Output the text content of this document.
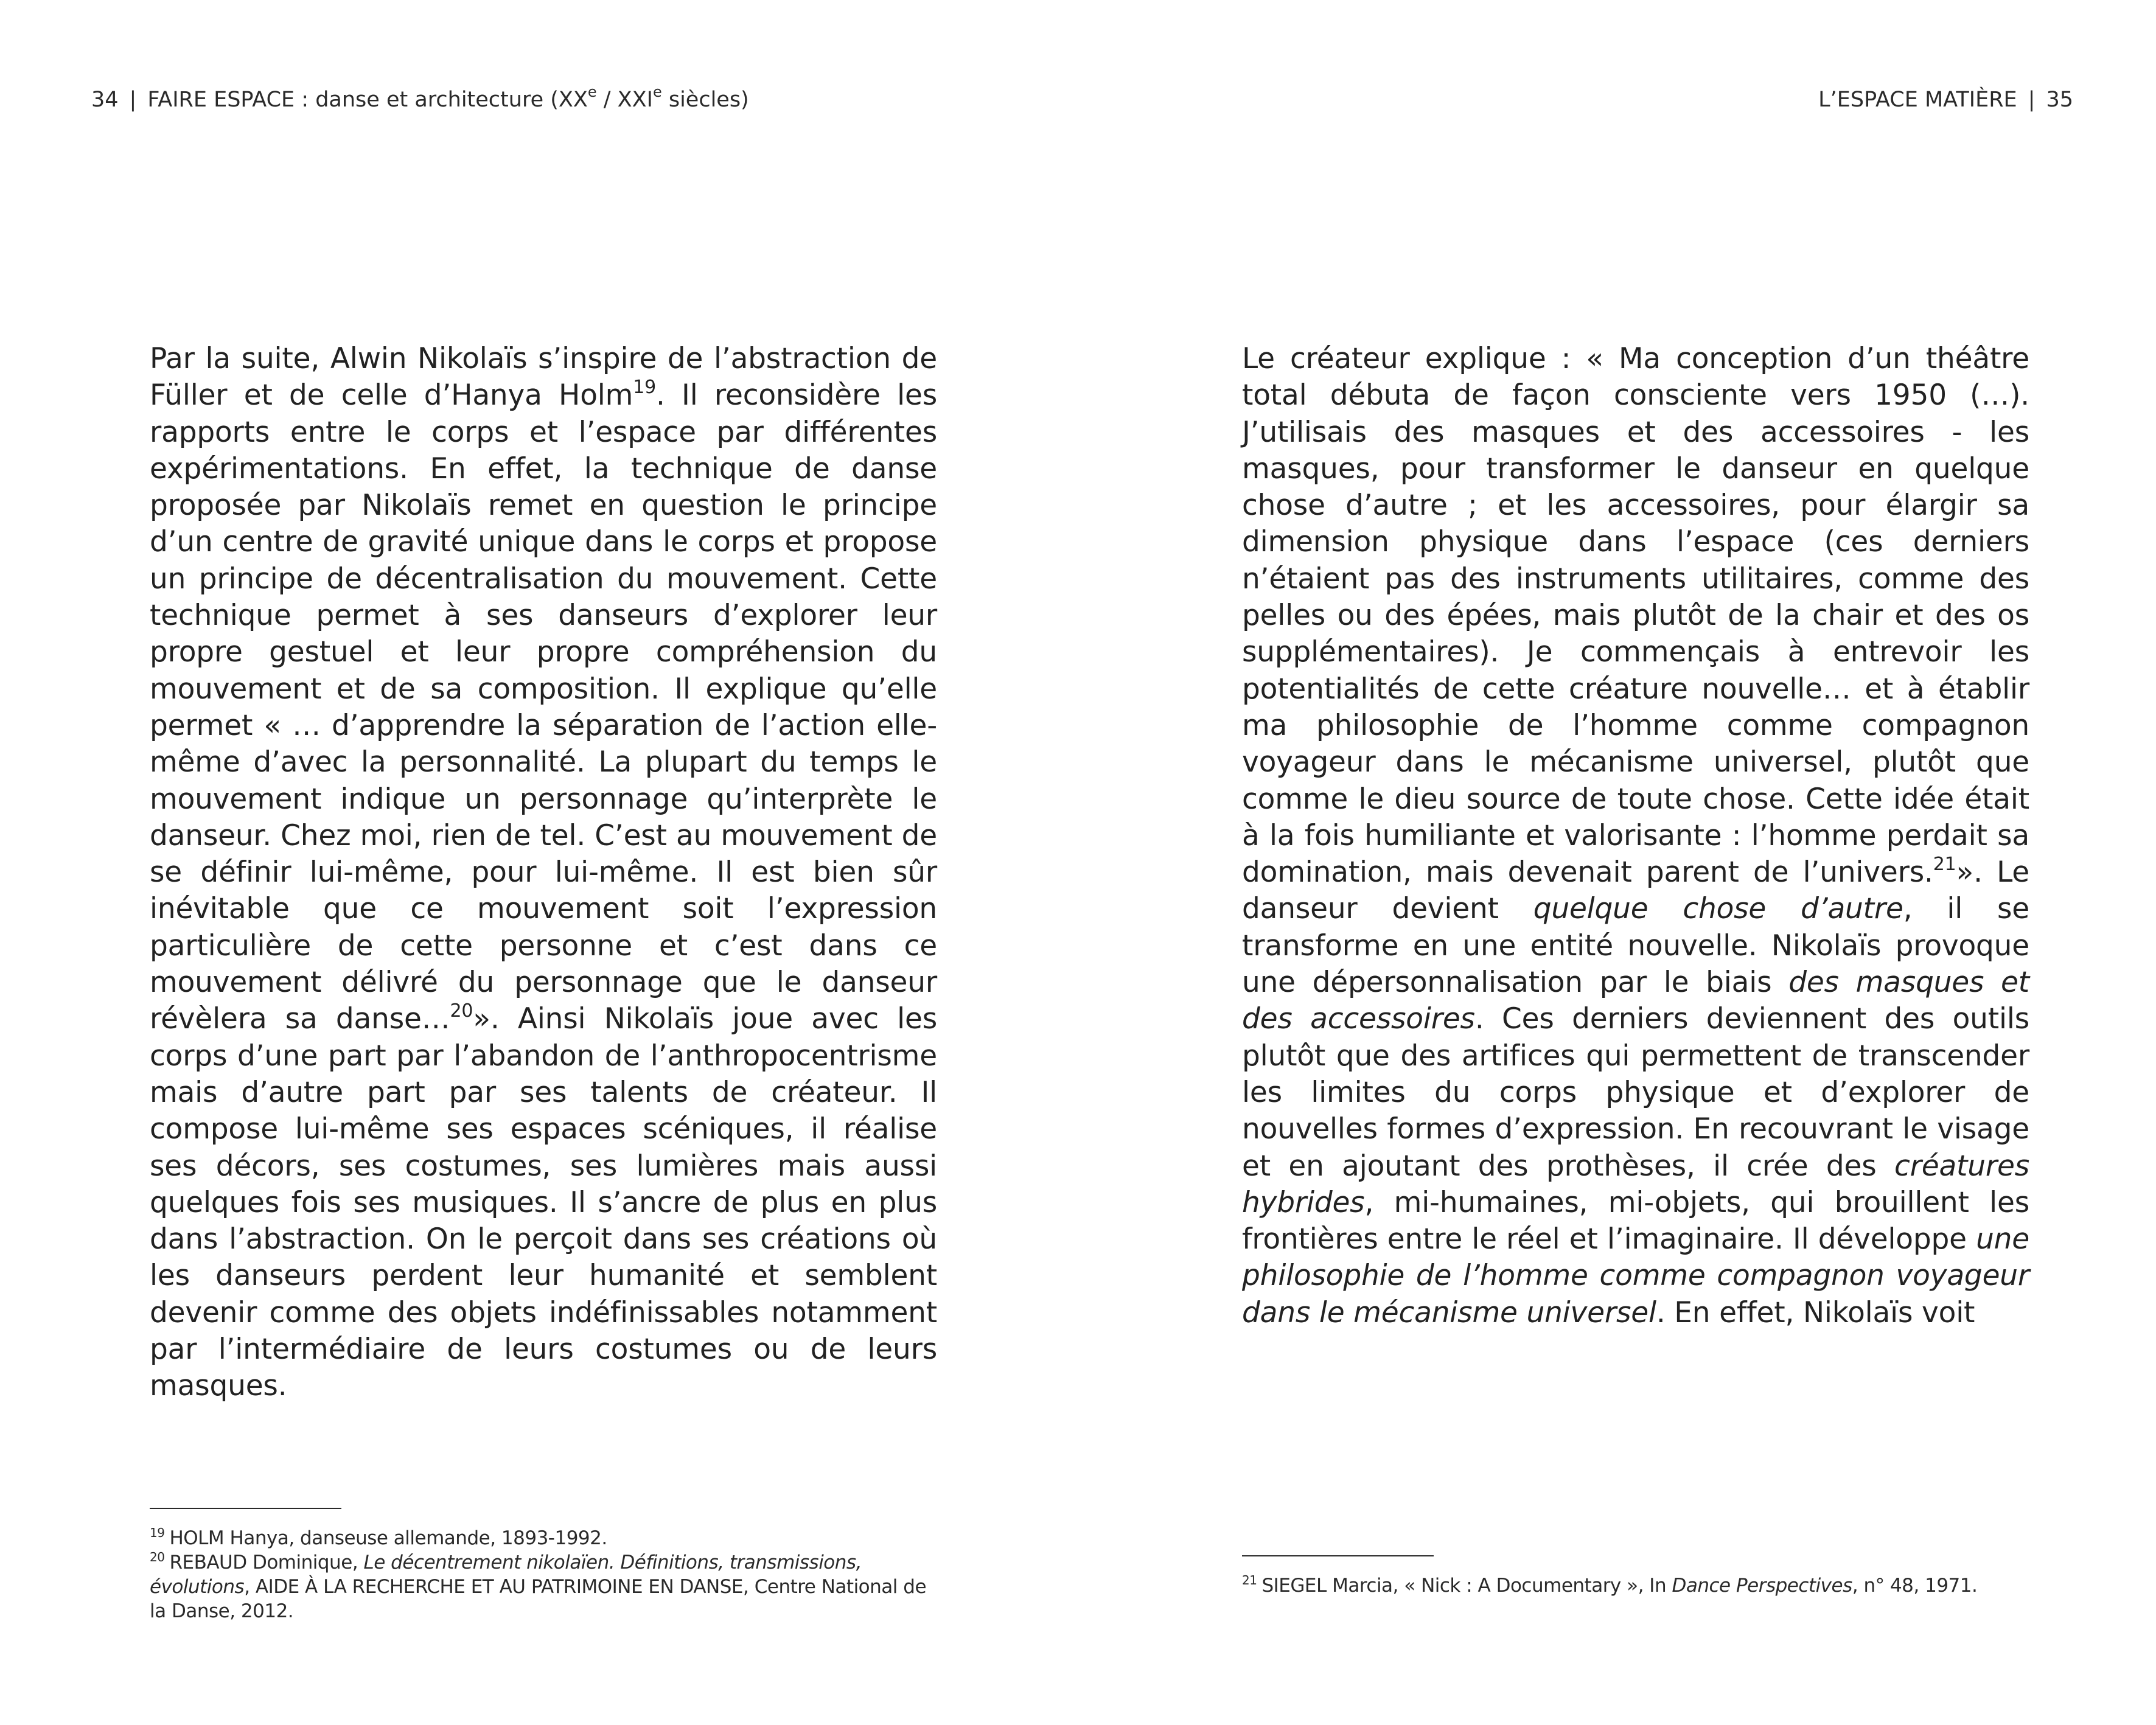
34 | FAIRE ESPACE : danse et architecture (XXe / XXIe siècles)
Par la suite, Alwin Nikolaïs s’inspire de l’abstraction de Füller et de celle d’Hanya Holm$^{19}$. Il reconsidère les rapports entre le corps et l’espace par différentes expérimentations. En effet, la technique de danse proposée par Nikolaïs remet en question le principe d’un centre de gravité unique dans le corps et propose un principe de décentralisation du mouvement. Cette technique permet à ses danseurs d’explorer leur propre gestuel et leur propre compréhension du mouvement et de sa composition. Il explique qu’elle permet « … d’apprendre la séparation de l’action elle-même d’avec la personnalité. La plupart du temps le mouvement indique un personnage qu’interprète le danseur. Chez moi, rien de tel. C’est au mouvement de se définir lui-même, pour lui-même. Il est bien sûr inévitable que ce mouvement soit l’expression particulière de cette personne et c’est dans ce mouvement délivré du personnage que le danseur révèlera sa danse…$^{20}$». Ainsi Nikolaïs joue avec les corps d’une part par l’abandon de l’anthropocentrisme mais d’autre part par ses talents de créateur. Il compose lui-même ses espaces scéniques, il réalise ses décors, ses costumes, ses lumières mais aussi quelques fois ses musiques. Il s’ancre de plus en plus dans l’abstraction. On le perçoit dans ses créations où les danseurs perdent leur humanité et semblent devenir comme des objets indéfinissables notamment par l’intermédiaire de leurs costumes ou de leurs masques.

$^{19}$ HOLM Hanya, danseuse allemande, 1893-1992.

$^{20}$ REBAUD Dominique, Le décentrement nikolaïen. Définitions, transmissions, évolutions, AIDE À LA RECHERCHE ET AU PATRIMOINE EN DANSE, Centre National de la Danse, 2012.

L’ESPACE MATIÈRE | 35
Le créateur explique : « Ma conception d’un théâtre total débuta de façon consciente vers 1950 (…). J’utilisais des masques et des accessoires - les masques, pour transformer le danseur en quelque chose d’autre ; et les accessoires, pour élargir sa dimension physique dans l’espace (ces derniers n’étaient pas des instruments utilitaires, comme des pelles ou des épées, mais plutôt de la chair et des os supplémentaires). Je commençais à entrevoir les potentialités de cette créature nouvelle… et à établir ma philosophie de l’homme comme compagnon voyageur dans le mécanisme universel, plutôt que comme le dieu source de toute chose. Cette idée était à la fois humiliante et valorisante : l’homme perdait sa domination, mais devenait parent de l’univers.$^{21}$». Le danseur devient quelque chose d’autre, il se transforme en une entité nouvelle. Nikolaïs provoque une dépersonnalisation par le biais des masques et des accessoires. Ces derniers deviennent des outils plutôt que des artifices qui permettent de transcender les limites du corps physique et d’explorer de nouvelles formes d’expression. En recouvrant le visage et en ajoutant des prothèses, il crée des créatures hybrides, mi-humaines, mi-objets, qui brouillent les frontières entre le réel et l’imaginaire. Il développe une philosophie de l’homme comme compagnon voyageur dans le mécanisme universel. En effet, Nikolaïs voit

$^{21}$ SIEGEL Marcia, « Nick : A Documentary », In Dance Perspectives, n° 48, 1971.
